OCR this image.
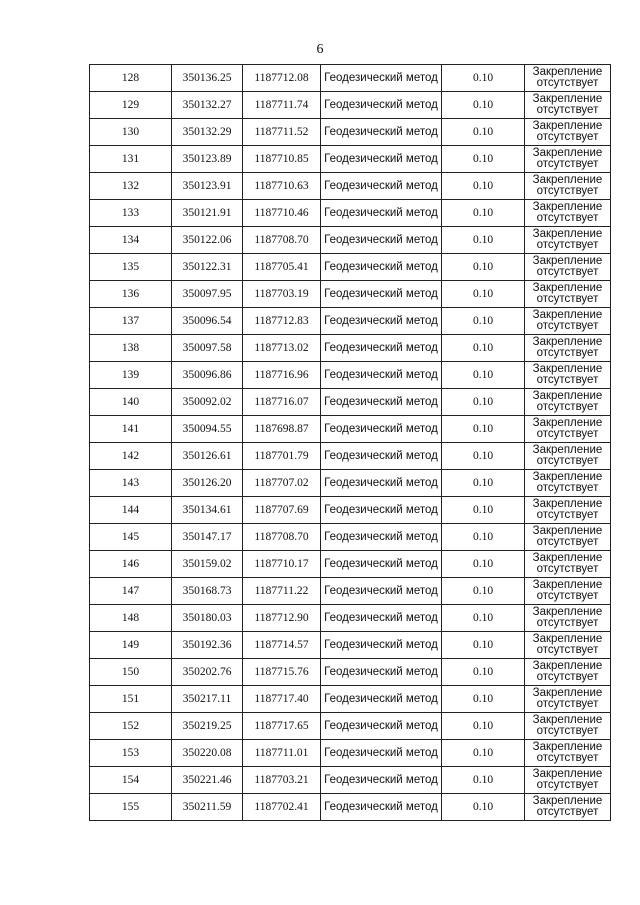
6
128	350136.25	1187712.08	Геодезический метод	0.10	Закрепление
отсутствует

129	350132.27	1187711.74	Геодезический метод	0.10	Закрепление
отсутствует

130	350132.29	1187711.52	Геодезический метод	0.10	Закрепление
отсутствует

131	350123.89	1187710.85	Геодезический метод	0.10	Закрепление
отсутствует

132	350123.91	1187710.63	Геодезический метод	0.10	Закрепление
отсутствует

133	350121.91	1187710.46	Геодезический метод	0.10	Закрепление
отсутствует

134	350122.06	1187708.70	Геодезический метод	0.10	Закрепление
отсутствует

135	350122.31	1187705.41	Геодезический метод	0.10	Закрепление
отсутствует

136	350097.95	1187703.19	Геодезический метод	0.10	Закрепление
отсутствует

137	350096.54	1187712.83	Геодезический метод	0.10	Закрепление
отсутствует

138	350097.58	1187713.02	Геодезический метод	0.10	Закрепление
отсутствует

139	350096.86	1187716.96	Геодезический метод	0.10	Закрепление
отсутствует

140	350092.02	1187716.07	Геодезический метод	0.10	Закрепление
отсутствует

141	350094.55	1187698.87	Геодезический метод	0.10	Закрепление
отсутствует

142	350126.61	1187701.79	Геодезический метод	0.10	Закрепление
отсутствует

143	350126.20	1187707.02	Геодезический метод	0.10	Закрепление
отсутствует

144	350134.61	1187707.69	Геодезический метод	0.10	Закрепление
отсутствует

145	350147.17	1187708.70	Геодезический метод	0.10	Закрепление
отсутствует

146	350159.02	1187710.17	Геодезический метод	0.10	Закрепление
отсутствует

147	350168.73	1187711.22	Геодезический метод	0.10	Закрепление
отсутствует

148	350180.03	1187712.90	Геодезический метод	0.10	Закрепление
отсутствует

149	350192.36	1187714.57	Геодезический метод	0.10	Закрепление
отсутствует

150	350202.76	1187715.76	Геодезический метод	0.10	Закрепление
отсутствует

151	350217.11	1187717.40	Геодезический метод	0.10	Закрепление
отсутствует

152	350219.25	1187717.65	Геодезический метод	0.10	Закрепление
отсутствует

153	350220.08	1187711.01	Геодезический метод	0.10	Закрепление
отсутствует

154	350221.46	1187703.21	Геодезический метод	0.10	Закрепление
отсутствует

155	350211.59	1187702.41	Геодезический метод	0.10	Закрепление
отсутствует
